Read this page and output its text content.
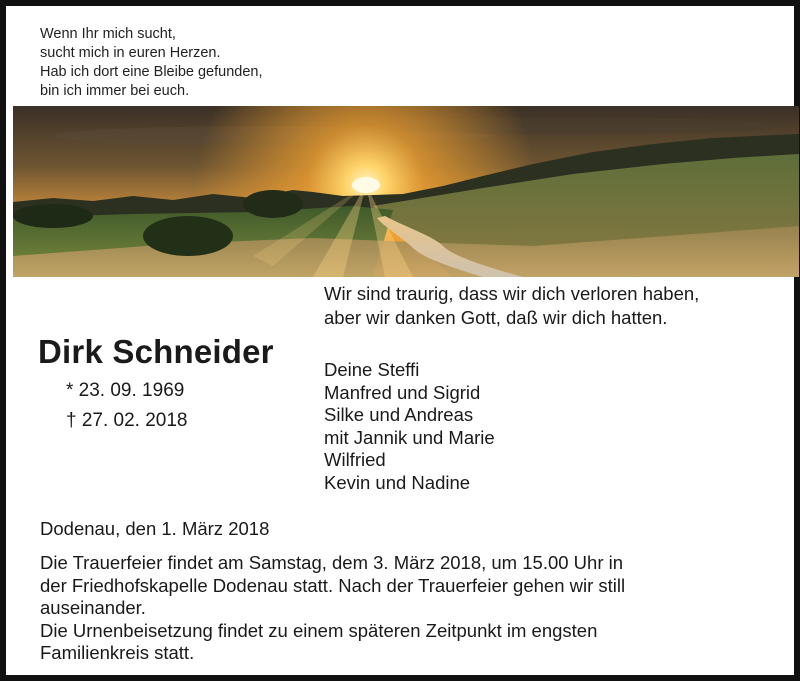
Wenn Ihr mich sucht,
sucht mich in euren Herzen.
Hab ich dort eine Bleibe gefunden,
bin ich immer bei euch.
Wir sind traurig, dass wir dich verloren haben,
aber wir danken Gott, daß wir dich hatten.
Dirk Schneider
* 23. 09. 1969
† 27. 02. 2018
Deine Steffi
Manfred und Sigrid
Silke und Andreas
mit Jannik und Marie
Wilfried
Kevin und Nadine
Dodenau, den 1. März 2018
Die Trauerfeier findet am Samstag, dem 3. März 2018, um 15.00 Uhr in
der Friedhofskapelle Dodenau statt. Nach der Trauerfeier gehen wir still
auseinander.
Die Urnenbeisetzung findet zu einem späteren Zeitpunkt im engsten
Familienkreis statt.
